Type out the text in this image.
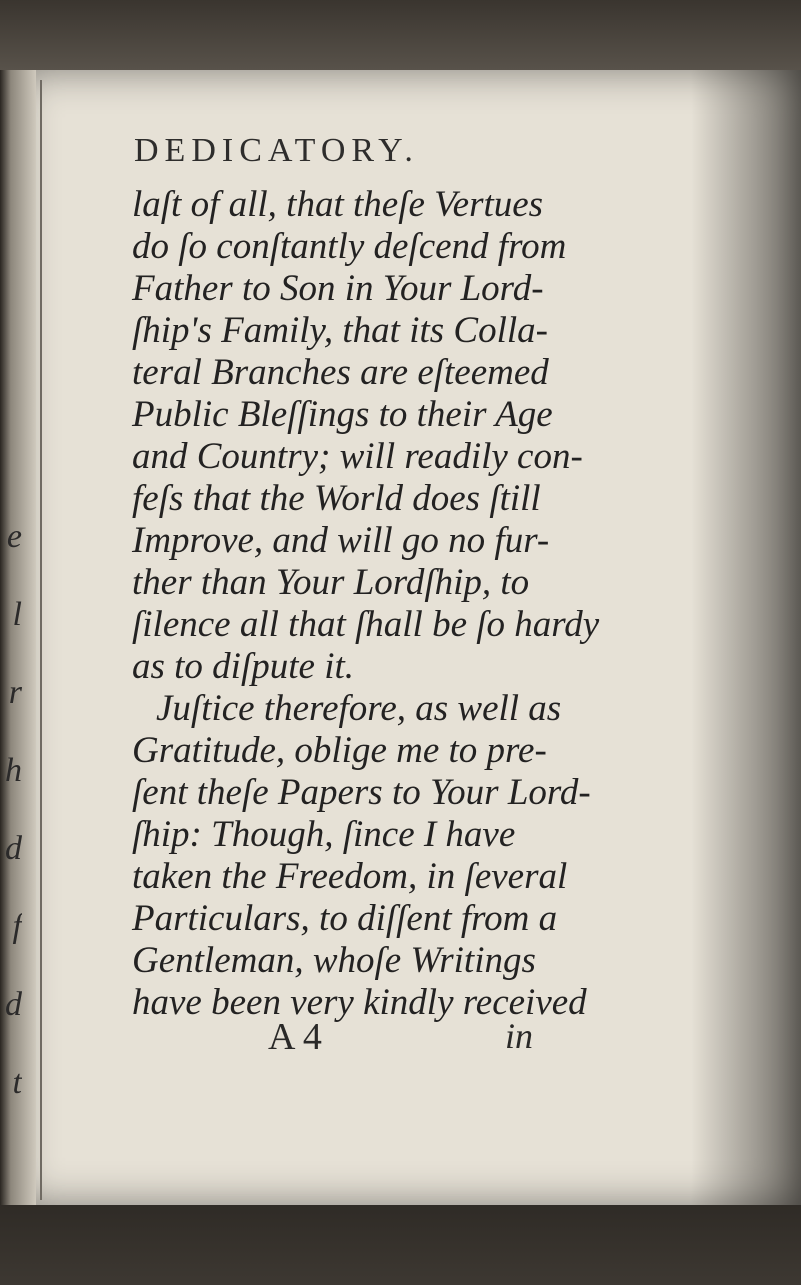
e
l
r
h
d
f
d
t
DEDICATORY.
laſt of all, that theſe Vertues
do ſo conſtantly deſcend from
Father to Son in Your Lord-
ſhip's Family, that its Colla-
teral Branches are eſteemed
Public Bleſſings to their Age
and Country; will readily con-
feſs that the World does ſtill
Improve, and will go no fur-
ther than Your Lordſhip, to
ſilence all that ſhall be ſo hardy
as to diſpute it.
Juſtice therefore, as well as
Gratitude, oblige me to pre-
ſent theſe Papers to Your Lord-
ſhip: Though, ſince I have
taken the Freedom, in ſeveral
Particulars, to diſſent from a
Gentleman, whoſe Writings
have been very kindly received
A 4	in
